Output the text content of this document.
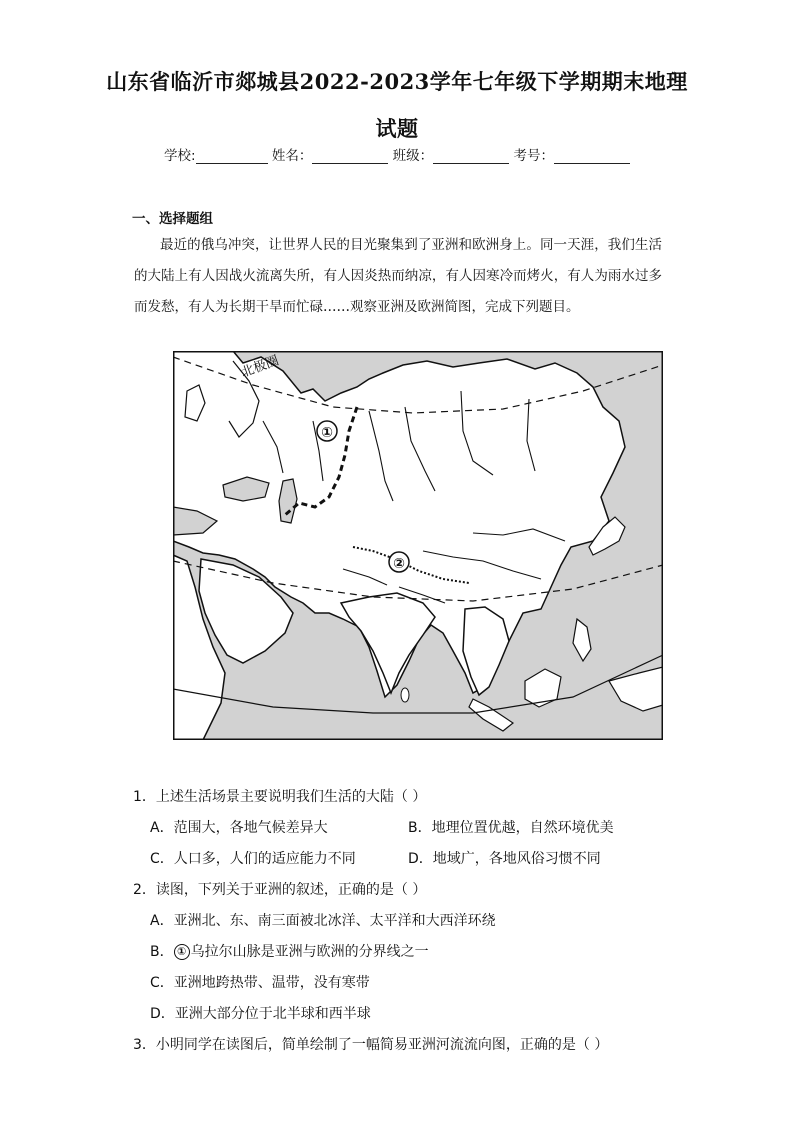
山东省临沂市郯城县2022-2023学年七年级下学期期末地理
试题
学校:	姓名：	班级：	考号：
一、选择题组
最近的俄乌冲突，让世界人民的目光聚集到了亚洲和欧洲身上。同一天涯，我们生活的大陆上有人因战火流离失所，有人因炎热而纳凉，有人因寒冷而烤火，有人为雨水过多而发愁，有人为长期干旱而忙碌……观察亚洲及欧洲简图，完成下列题目。
北极圈
①
②
1．上述生活场景主要说明我们生活的大陆（ ）
A．范围大，各地气候差异大	B．地理位置优越，自然环境优美
C．人口多，人们的适应能力不同	D．地域广，各地风俗习惯不同
2．读图，下列关于亚洲的叙述，正确的是（ ）
A．亚洲北、东、南三面被北冰洋、太平洋和大西洋环绕
B． ① 乌拉尔山脉是亚洲与欧洲的分界线之一
C．亚洲地跨热带、温带，没有寒带
D．亚洲大部分位于北半球和西半球
3．小明同学在读图后，简单绘制了一幅简易亚洲河流流向图，正确的是（ ）
